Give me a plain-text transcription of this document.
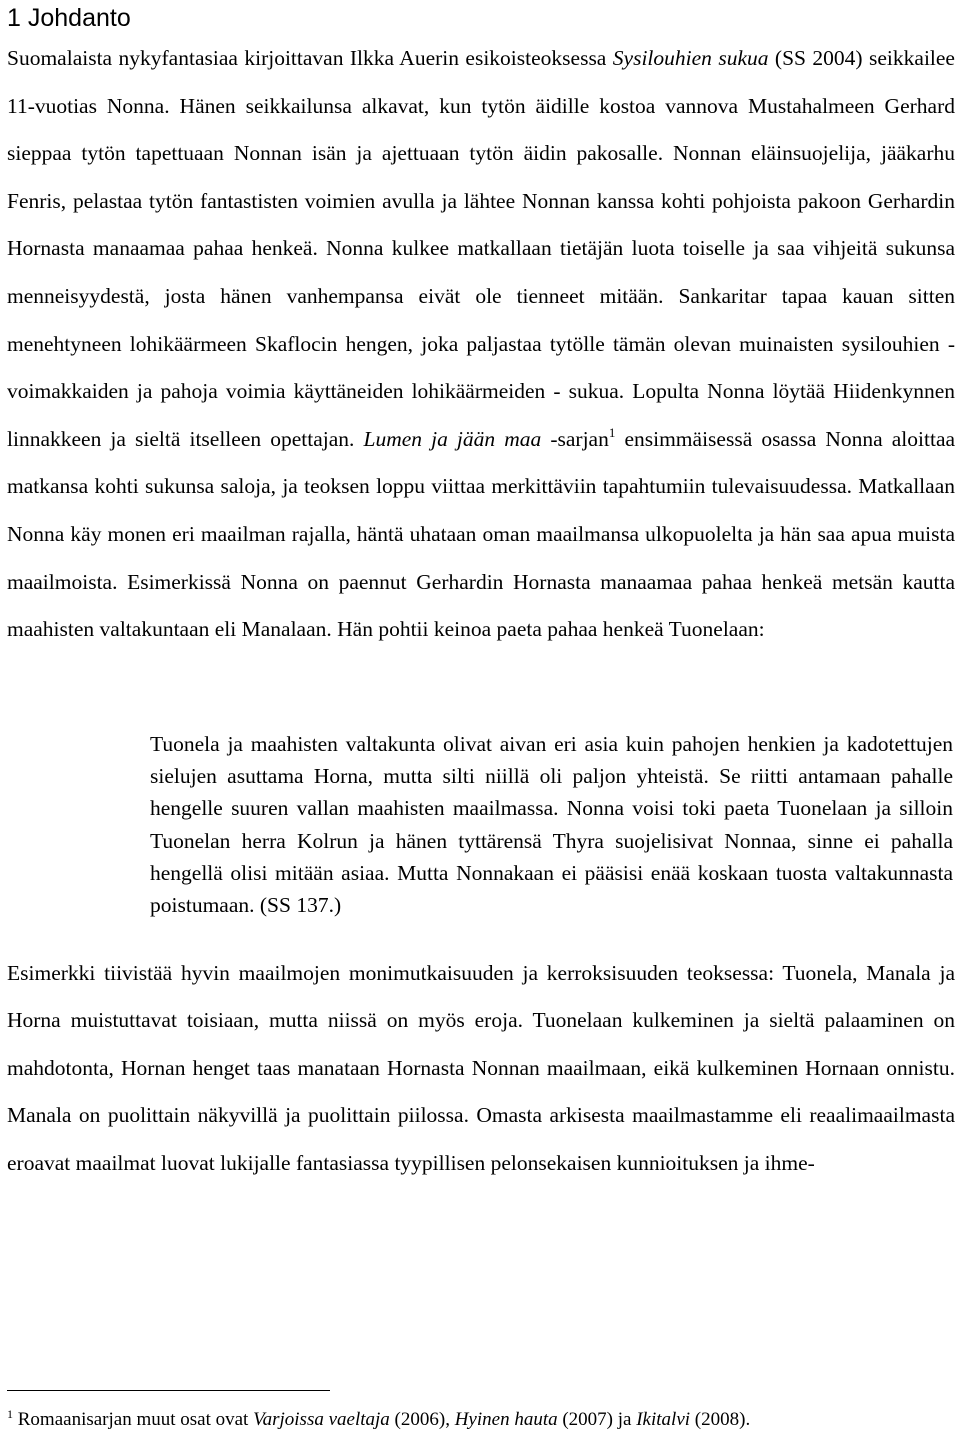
1 Johdanto

Suomalaista nykyfantasiaa kirjoittavan Ilkka Auerin esikoisteoksessa Sysilouhien sukua (SS 2004) seikkailee 11-vuotias Nonna. Hänen seikkailunsa alkavat, kun tytön äidille kostoa vannova Mustahalmeen Gerhard sieppaa tytön tapettuaan Nonnan isän ja ajettuaan tytön äidin pakosalle. Nonnan eläinsuojelija, jääkarhu Fenris, pelastaa tytön fantastisten voimien avulla ja lähtee Nonnan kanssa kohti pohjoista pakoon Gerhardin Hornasta manaamaa pahaa henkeä. Nonna kulkee matkallaan tietäjän luota toiselle ja saa vihjeitä sukunsa menneisyydestä, josta hänen vanhempansa eivät ole tienneet mitään. Sankaritar tapaa kauan sitten menehtyneen lohikäärmeen Skaflocin hengen, joka paljastaa tytölle tämän olevan muinaisten sysilouhien - voimakkaiden ja pahoja voimia käyttäneiden lohikäärmeiden - sukua. Lopulta Nonna löytää Hiidenkynnen linnakkeen ja sieltä itselleen opettajan. Lumen ja jään maa -sarjan$^1$ ensimmäisessä osassa Nonna aloittaa matkansa kohti sukunsa saloja, ja teoksen loppu viittaa merkittäviin tapahtumiin tulevaisuudessa. Matkallaan Nonna käy monen eri maailman rajalla, häntä uhataan oman maailmansa ulkopuolelta ja hän saa apua muista maailmoista. Esimerkissä Nonna on paennut Gerhardin Hornasta manaamaa pahaa henkeä metsän kautta maahisten valtakuntaan eli Manalaan. Hän pohtii keinoa paeta pahaa henkeä Tuonelaan:

Tuonela ja maahisten valtakunta olivat aivan eri asia kuin pahojen henkien ja kadotettujen sielujen asuttama Horna, mutta silti niillä oli paljon yhteistä. Se riitti antamaan pahalle hengelle suuren vallan maahisten maailmassa. Nonna voisi toki paeta Tuonelaan ja silloin Tuonelan herra Kolrun ja hänen tyttärensä Thyra suojelisivat Nonnaa, sinne ei pahalla hengellä olisi mitään asiaa. Mutta Nonnakaan ei pääsisi enää koskaan tuosta valtakunnasta poistumaan. (SS 137.)

Esimerkki tiivistää hyvin maailmojen monimutkaisuuden ja kerroksisuuden teoksessa: Tuonela, Manala ja Horna muistuttavat toisiaan, mutta niissä on myös eroja. Tuonelaan kulkeminen ja sieltä palaaminen on mahdotonta, Hornan henget taas manataan Hornasta Nonnan maailmaan, eikä kulkeminen Hornaan onnistu. Manala on puolittain näkyvillä ja puolittain piilossa. Omasta arkisesta maailmastamme eli reaalimaailmasta eroavat maailmat luovat lukijalle fantasiassa tyypillisen pelonsekaisen kunnioituksen ja ihme-

$^1$ Romaanisarjan muut osat ovat Varjoissa vaeltaja (2006), Hyinen hauta (2007) ja Ikitalvi (2008).
